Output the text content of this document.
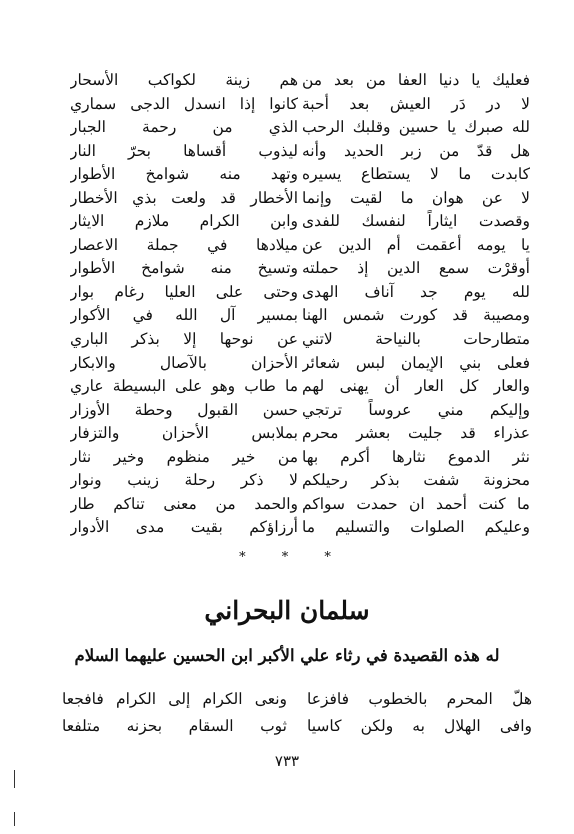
فعليك يا دنيا العفا من بعد من
لا در دَر العيش بعد أحبة
لله صبرك يا حسين وقلبك الرحب
هل قدّ من زبر الحديد وأنه
كابدت ما لا يستطاع يسيره
لا عن هوان ما لقيت وإنما
وقصدت ايثاراً لنفسك للفدى
يا يومه أعقمت أم الدين عن
أوقرْت سمع الدين إذ حملته
لله يوم جد آناف الهدى
ومصيبة قد كورت شمس الهنا
متطارحات بالنياحة لاتني
فعلى بني الإيمان لبس شعائر
والعار كل العار أن يهنى لهم
وإليكم مني عروساً ترتجي
عذراء قد جليت بعشر محرم
نثر الدموع نثارها أكرم بها
محزونة شفت بذكر رحيلكم
ما كنت أحمد ان حمدت سواكم
وعليكم الصلوات والتسليم ما
هم زينة لكواكب الأسحار
كانوا إذا انسدل الدجى سماري
الذي من رحمة الجبار
ليذوب أقساها بحرّ النار
وتهد منه شوامخ الأطوار
الأخطار قد ولعت بذي الأخطار
وابن الكرام ملازم الايثار
ميلادها في جملة الاعصار
وتسيخ منه شوامخ الأطوار
وحتى على العليا رغام بوار
بمسير آل الله في الأكوار
عن نوحها إلا بذكر الباري
الأحزان بالآصال والابكار
ما طاب وهو على البسيطة عاري
حسن القبول وحطة الأوزار
بملابس الأحزان والتزفار
من خير منظوم وخير نثار
لا ذكر رحلة زينب ونوار
والحمد من معنى تناكم طار
أرزاؤكم بقيت مدى الأدوار
* * *
سلمان البحراني
له هذه القصيدة في رثاء علي الأكبر ابن الحسين عليهما السلام
هلّ المحرم بالخطوب فافزعا
وافى الهلال به ولكن كاسيا
ونعى الكرام إلى الكرام فافجعا
ثوب السقام بحزنه متلفعا
٧٣٣
